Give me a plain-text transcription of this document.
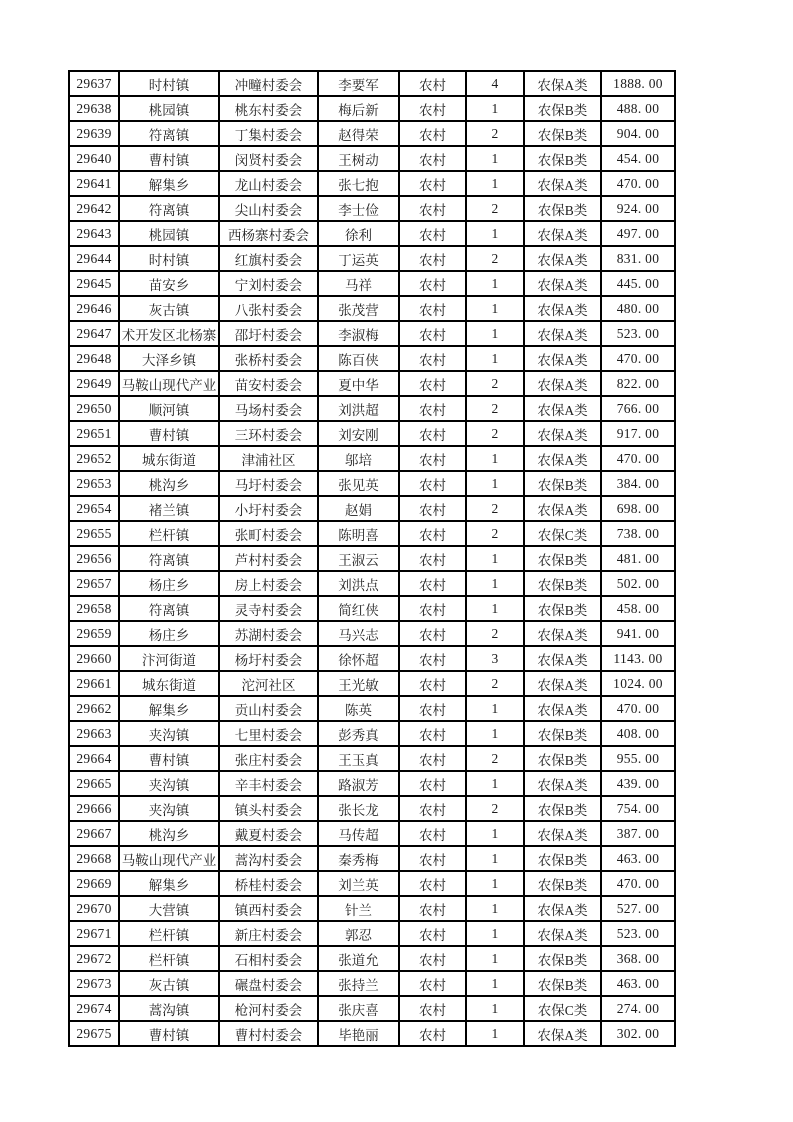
29637	时村镇	冲疃村委会	李要军	农村	4	农保A类	1888. 00
29638	桃园镇	桃东村委会	梅后新	农村	1	农保B类	488. 00
29639	符离镇	丁集村委会	赵得荣	农村	2	农保B类	904. 00
29640	曹村镇	闵贤村委会	王树动	农村	1	农保B类	454. 00
29641	解集乡	龙山村委会	张七抱	农村	1	农保A类	470. 00
29642	符离镇	尖山村委会	李士俭	农村	2	农保B类	924. 00
29643	桃园镇	西杨寨村委会	徐利	农村	1	农保A类	497. 00
29644	时村镇	红旗村委会	丁运英	农村	2	农保A类	831. 00
29645	苗安乡	宁刘村委会	马祥	农村	1	农保A类	445. 00
29646	灰古镇	八张村委会	张茂营	农村	1	农保A类	480. 00
29647	术开发区北杨寨	邵圩村委会	李淑梅	农村	1	农保A类	523. 00
29648	大泽乡镇	张桥村委会	陈百侠	农村	1	农保A类	470. 00
29649	马鞍山现代产业	苗安村委会	夏中华	农村	2	农保A类	822. 00
29650	顺河镇	马场村委会	刘洪超	农村	2	农保A类	766. 00
29651	曹村镇	三环村委会	刘安刚	农村	2	农保A类	917. 00
29652	城东街道	津浦社区	邬培	农村	1	农保A类	470. 00
29653	桃沟乡	马圩村委会	张见英	农村	1	农保B类	384. 00
29654	褚兰镇	小圩村委会	赵娟	农村	2	农保A类	698. 00
29655	栏杆镇	张町村委会	陈明喜	农村	2	农保C类	738. 00
29656	符离镇	芦村村委会	王淑云	农村	1	农保B类	481. 00
29657	杨庄乡	房上村委会	刘洪点	农村	1	农保B类	502. 00
29658	符离镇	灵寺村委会	简红侠	农村	1	农保B类	458. 00
29659	杨庄乡	苏湖村委会	马兴志	农村	2	农保A类	941. 00
29660	汴河街道	杨圩村委会	徐怀超	农村	3	农保A类	1143. 00
29661	城东街道	沱河社区	王光敏	农村	2	农保A类	1024. 00
29662	解集乡	贡山村委会	陈英	农村	1	农保A类	470. 00
29663	夹沟镇	七里村委会	彭秀真	农村	1	农保B类	408. 00
29664	曹村镇	张庄村委会	王玉真	农村	2	农保B类	955. 00
29665	夹沟镇	辛丰村委会	路淑芳	农村	1	农保A类	439. 00
29666	夹沟镇	镇头村委会	张长龙	农村	2	农保B类	754. 00
29667	桃沟乡	戴夏村委会	马传超	农村	1	农保A类	387. 00
29668	马鞍山现代产业	蒿沟村委会	秦秀梅	农村	1	农保B类	463. 00
29669	解集乡	桥桂村委会	刘兰英	农村	1	农保B类	470. 00
29670	大营镇	镇西村委会	针兰	农村	1	农保A类	527. 00
29671	栏杆镇	新庄村委会	郭忍	农村	1	农保A类	523. 00
29672	栏杆镇	石相村委会	张道允	农村	1	农保B类	368. 00
29673	灰古镇	碾盘村委会	张持兰	农村	1	农保B类	463. 00
29674	蒿沟镇	枪河村委会	张庆喜	农村	1	农保C类	274. 00
29675	曹村镇	曹村村委会	毕艳丽	农村	1	农保A类	302. 00
